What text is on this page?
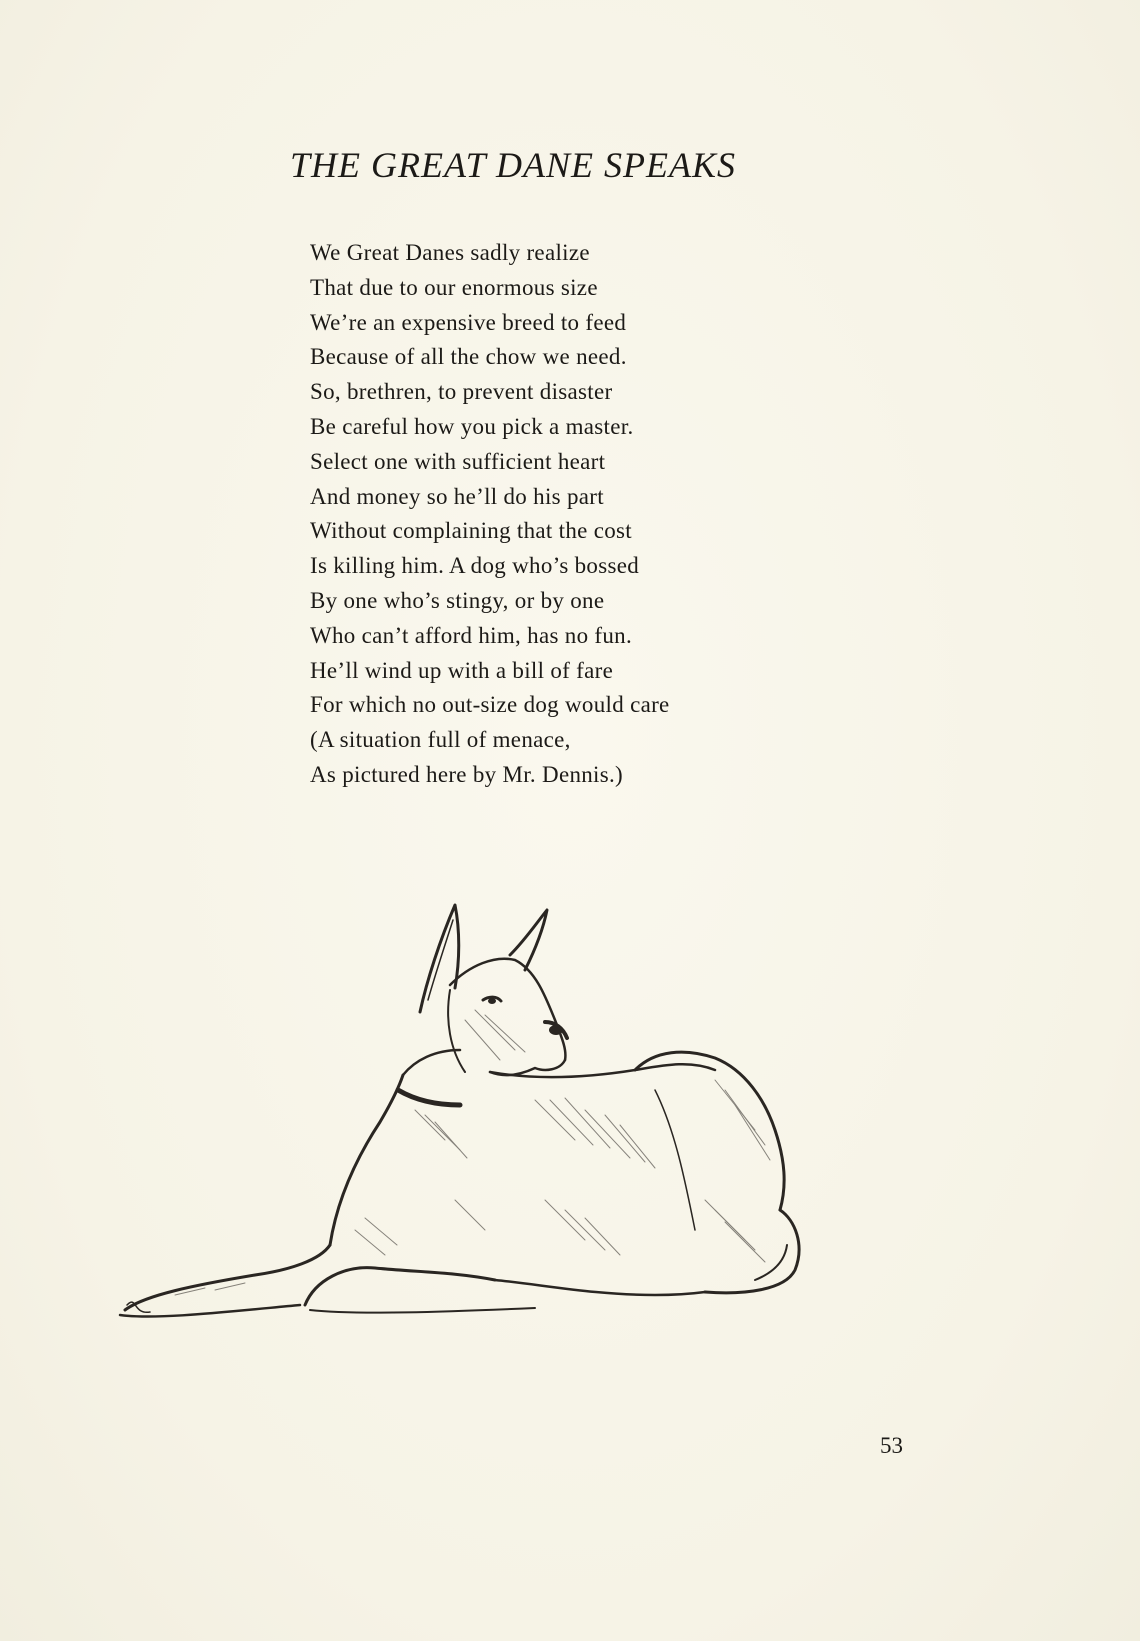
THE GREAT DANE SPEAKS
We Great Danes sadly realize
That due to our enormous size
We’re an expensive breed to feed
Because of all the chow we need.
So, brethren, to prevent disaster
Be careful how you pick a master.
Select one with sufficient heart
And money so he’ll do his part
Without complaining that the cost
Is killing him. A dog who’s bossed
By one who’s stingy, or by one
Who can’t afford him, has no fun.
He’ll wind up with a bill of fare
For which no out-size dog would care
(A situation full of menace,
As pictured here by Mr. Dennis.)

53
